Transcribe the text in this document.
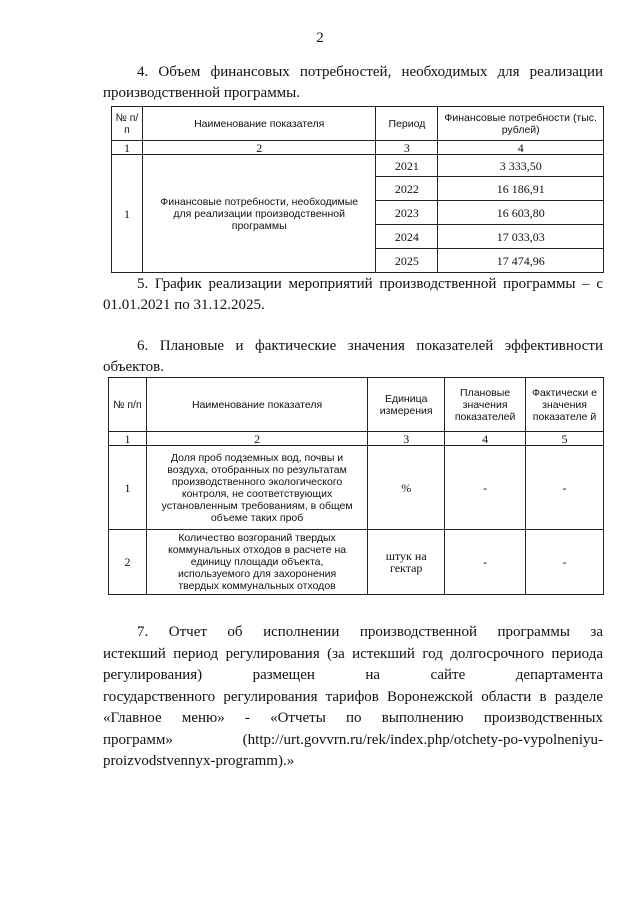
2
4. Объем финансовых потребностей, необходимых для реализации
производственной программы.
№ п/п	Наименование показателя	Период	Финансовые потребности (тыс. рублей)
1	2	3	4
1	Финансовые потребности, необходимые для реализации производственной программы	2021	3 333,50
		2022	16 186,91
		2023	16 603,80
		2024	17 033,03
		2025	17 474,96
5. График реализации мероприятий производственной программы – с
01.01.2021 по 31.12.2025.
6. Плановые и фактические значения показателей эффективности
объектов.
№ п/п	Наименование показателя	Единица измерения	Плановые значения показателей	Фактически е значения показателе й
1	2	3	4	5
1	Доля проб подземных вод, почвы и воздуха, отобранных по результатам производственного экологического контроля, не соответствующих установленным требованиям, в общем объеме таких проб	%	-	-
2	Количество возгораний твердых коммунальных отходов в расчете на единицу площади объекта, используемого для захоронения твердых коммунальных отходов	штук на гектар	-	-
7. Отчет об исполнении производственной программы за
истекший период регулирования (за истекший год долгосрочного периода
регулирования) размещен на сайте департамента
государственного регулирования тарифов Воронежской области в разделе
«Главное меню» - «Отчеты по выполнению производственных
программ» (http://urt.govvrn.ru/rek/index.php/otchety-po-vypolneniyu-
proizvodstvennyx-programm).»
